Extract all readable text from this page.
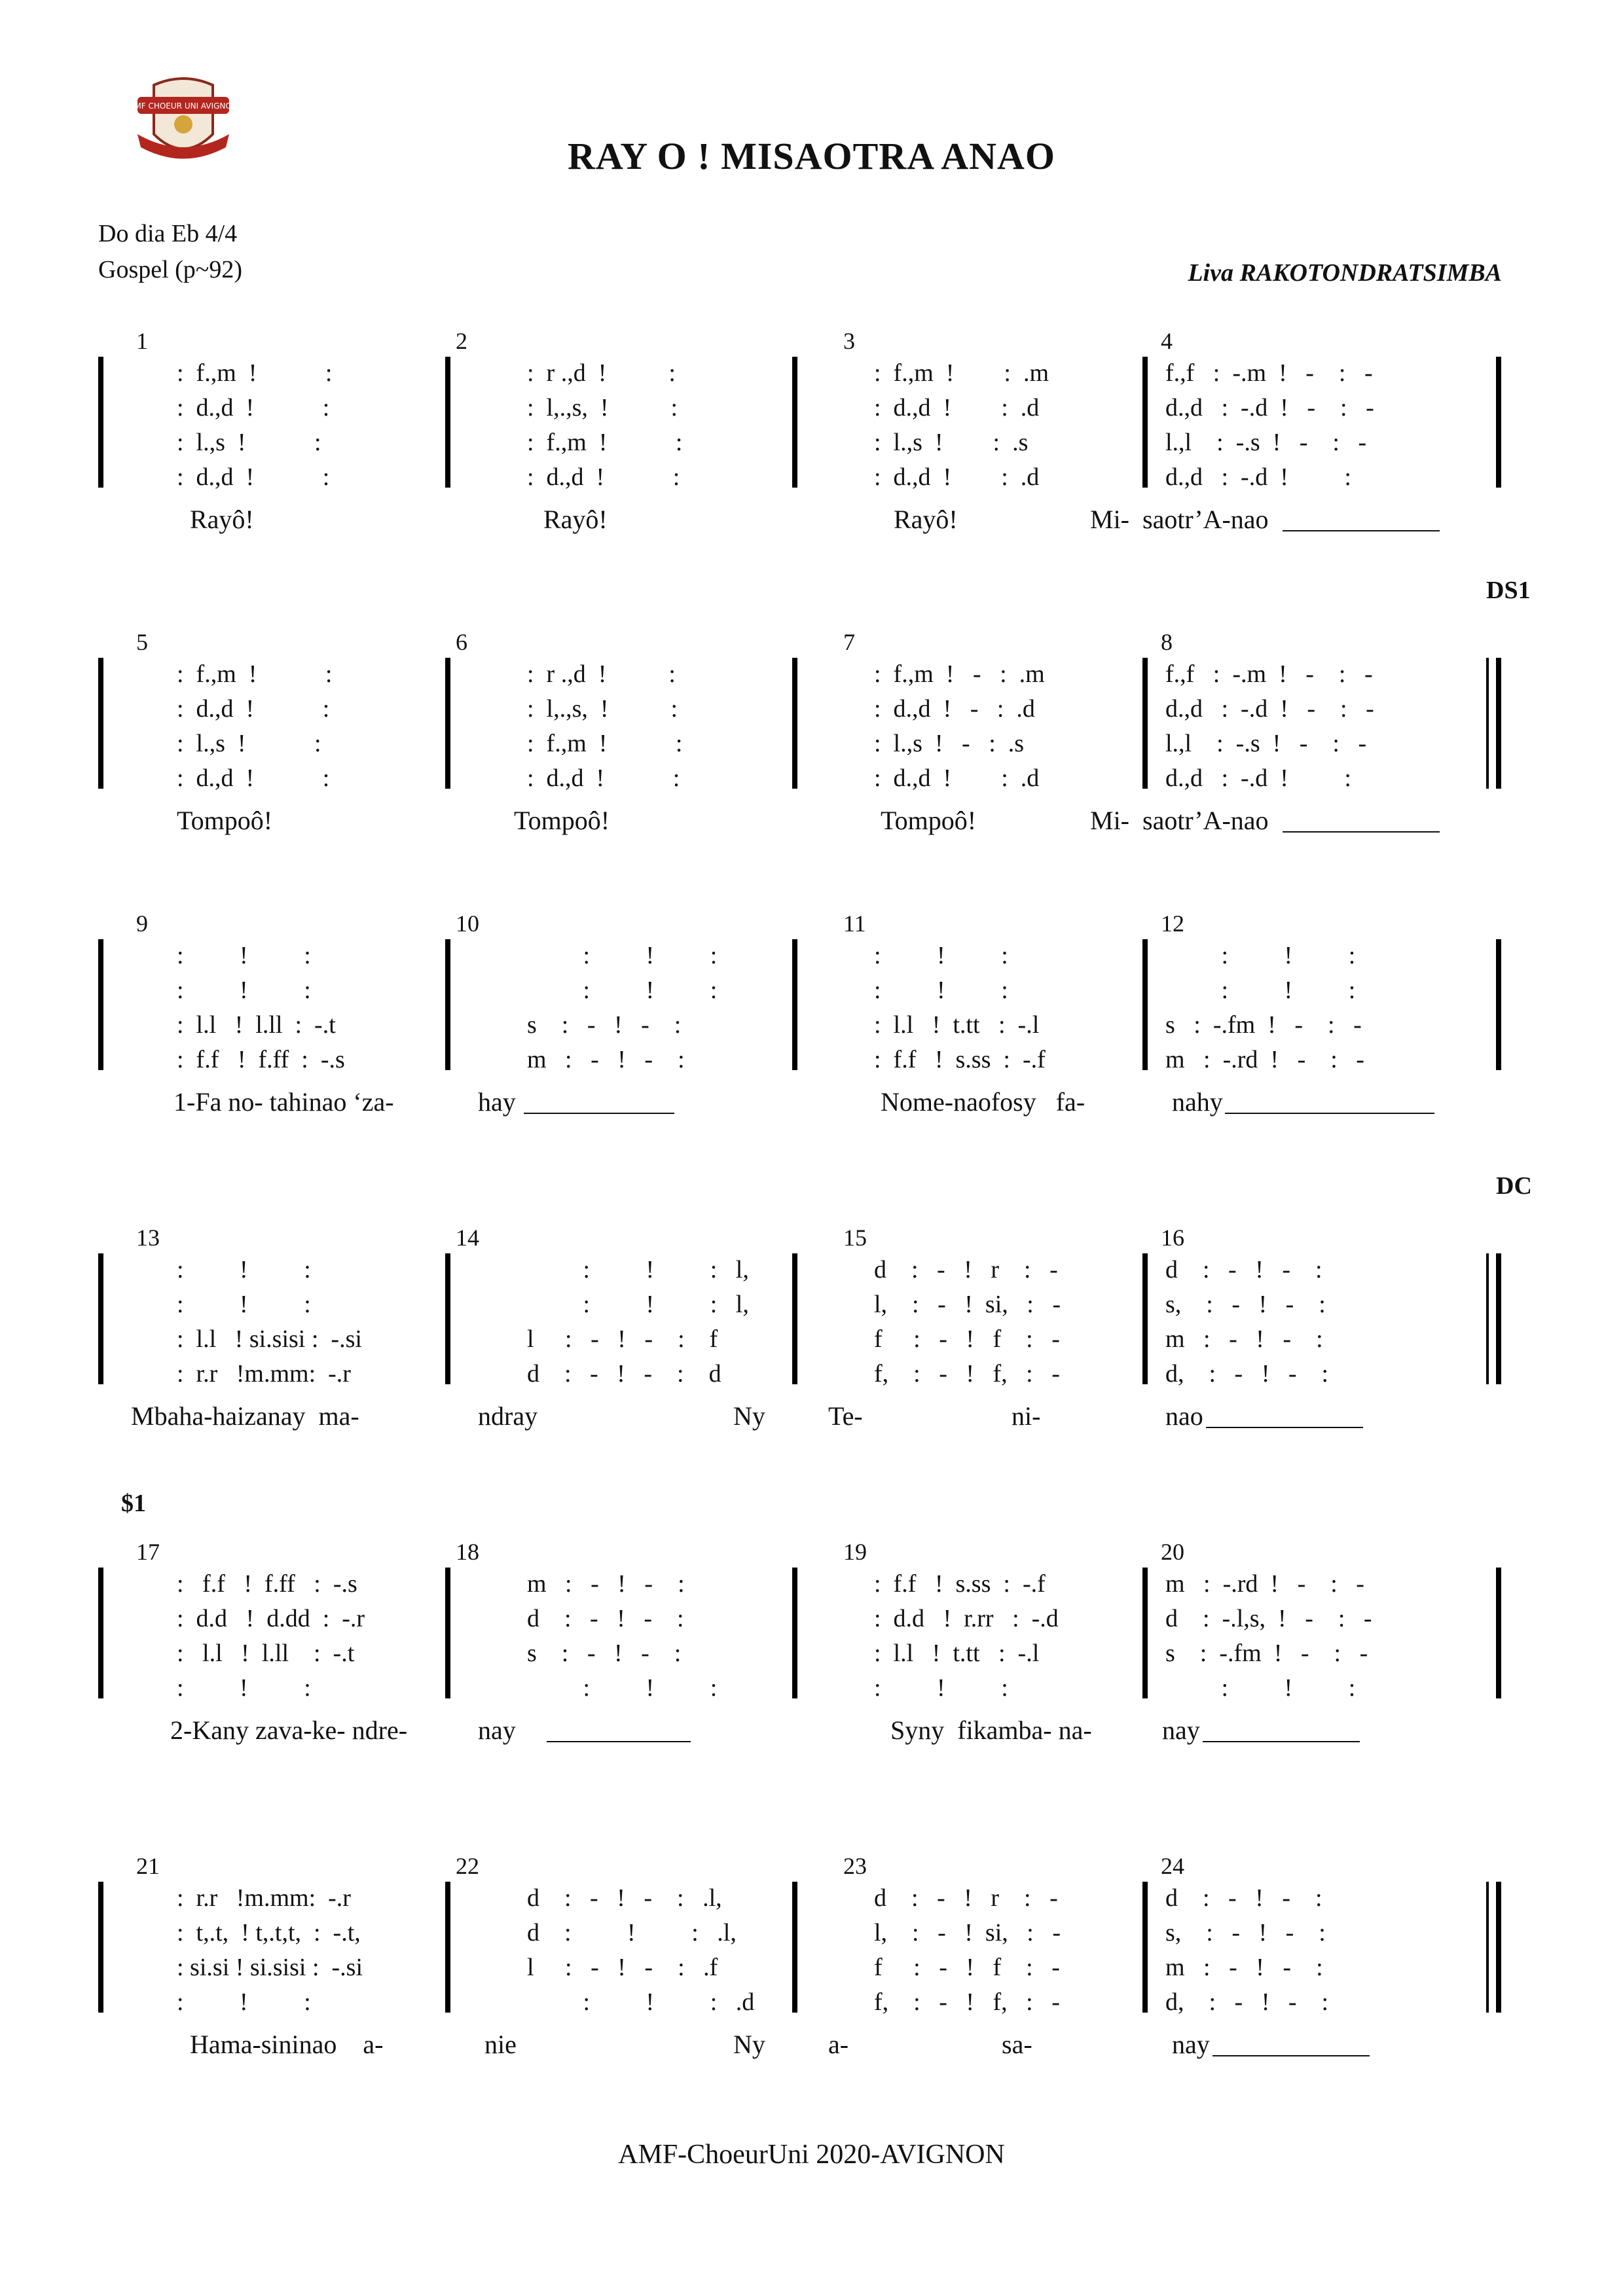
AMF CHOEUR UNI AVIGNON
RAY O ! MISAOTRA ANAO
Do dia Eb 4/4
Gospel (p~92)	Liva RAKOTONDRATSIMBA
1
:  f.,m  !           :
:  d.,d  !           :
:  l.,s  !           :
:  d.,d  !           :
2
:  r .,d  !          :
:  l,.,s,  !          :
:  f.,m  !           :
:  d.,d  !           :
3
:  f.,m  !        :  .m
:  d.,d  !        :  .d
:  l.,s  !        :  .s
:  d.,d  !        :  .d
4
f.,f   :  -.m  !   -    :   -
d.,d   :  -.d  !   -    :   -
l.,l    :  -.s  !   -    :   -
d.,d   :  -.d  !         :
Rayô!	Rayô!	Rayô!	Mi- saotr’A-nao
DS1
5
:  f.,m  !           :
:  d.,d  !           :
:  l.,s  !           :
:  d.,d  !           :
6
:  r .,d  !          :
:  l,.,s,  !          :
:  f.,m  !           :
:  d.,d  !           :
7
:  f.,m  !   -   :  .m
:  d.,d  !   -   :  .d
:  l.,s  !   -   :  .s
:  d.,d  !        :  .d
8
f.,f   :  -.m  !   -    :   -
d.,d   :  -.d  !   -    :   -
l.,l    :  -.s  !   -    :   -
d.,d   :  -.d  !         :
Tompoô!	Tompoô!	Tompoô!	Mi- saotr’A-nao
9
:         !         :
:         !         :
:  l.l   !  l.ll  :  -.t
:  f.f   !  f.ff  :  -.s
10
:         !         :
:         !         :
s    :   -   !   -    :
m   :   -   !   -    :
11
:         !         :
:         !         :
:  l.l   !  t.tt   :  -.l
:  f.f   !  s.ss  :  -.f
12
:         !         :
:         !         :
s   :  -.fm  !   -    :   -
m   :  -.rd  !   -    :   -
1-Fa no- tahinao ‘za-	hay	Nome-naofosy   fa-	nahy
DC
13
:         !         :
:         !         :
:  l.l   ! si.sisi :  -.si
:  r.r   !m.mm:  -.r
14
:         !         :   l,
:         !         :   l,
l     :   -   !   -    :    f
d    :   -   !   -    :    d
15
d    :   -   !   r    :   -
l,    :   -   !  si,   :   -
f     :   -   !   f    :   -
f,    :   -   !   f,   :   -
16
d    :   -   !   -    :
s,    :   -   !   -    :
m   :   -   !   -    :
d,    :   -   !   -    :
Mbaha-haizanay  ma-	ndray	Ny Te-	ni-	nao
$1
17
:   f.f   !  f.ff   :  -.s
:  d.d   !  d.dd  :  -.r
:   l.l   !  l.ll    :  -.t
:         !         :
18
m   :   -   !   -    :
d    :   -   !   -    :
s    :   -   !   -    :
:         !         :
19
:  f.f   !  s.ss  :  -.f
:  d.d   !  r.rr   :  -.d
:  l.l   !  t.tt   :  -.l
:         !         :
20
m   :  -.rd  !   -    :   -
d    :  -.l,s,  !   -    :   -
s    :  -.fm  !   -    :   -
:         !         :
2-Kany zava-ke- ndre-	nay	Syny  fikamba- na-	nay
21
:  r.r   !m.mm:  -.r
:  t,.t,  ! t,.t,t,  :  -.t,
: si.si ! si.sisi :  -.si
:         !         :
22
d    :   -   !   -    :   .l,
d    :         !         :   .l,
l     :   -   !   -    :   .f
:         !         :   .d
23
d    :   -   !   r    :   -
l,    :   -   !  si,   :   -
f     :   -   !   f    :   -
f,    :   -   !   f,   :   -
24
d    :   -   !   -    :
s,    :   -   !   -    :
m   :   -   !   -    :
d,    :   -   !   -    :
Hama-sininao    a-	nie	Ny a-	sa-	nay
AMF-ChoeurUni 2020-AVIGNON
